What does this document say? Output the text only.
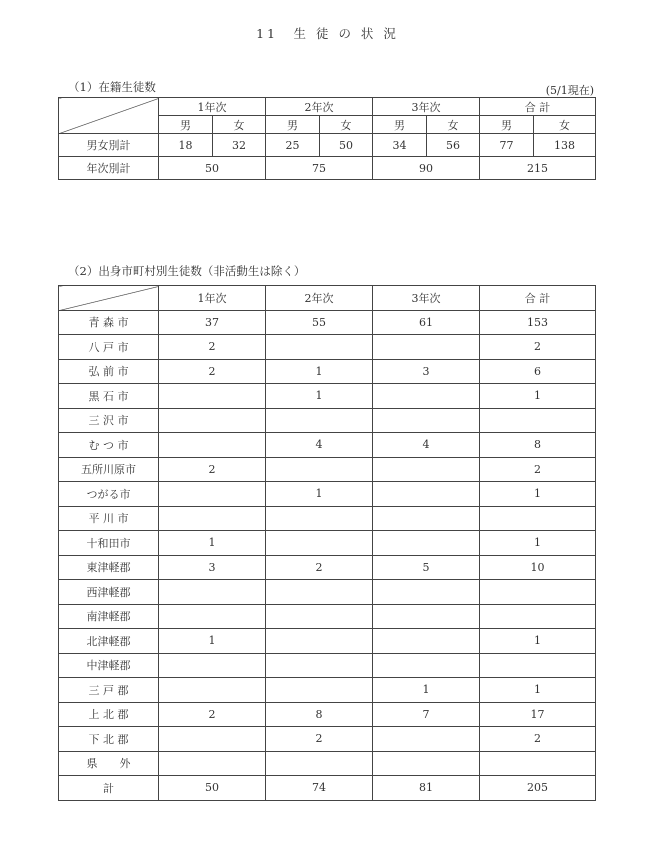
11　生 徒 の 状 況
（1）在籍生徒数	(5/1現在)
	1年次		2年次		3年次		合 計	
	男	女	男	女	男	女	男	女
男女別計	18	32	25	50	34	56	77	138
年次別計	50		75		90		215	
（2）出身市町村別生徒数（非活動生は除く）
	1年次	2年次	3年次	合 計
青 森 市	37	55	61	153
八 戸 市	2			2
弘 前 市	2	1	3	6
黒 石 市		1		1
三 沢 市				
む つ 市		4	4	8
五所川原市	2			2
つがる市		1		1
平 川 市				
十和田市	1			1
東津軽郡	3	2	5	10
西津軽郡				
南津軽郡				
北津軽郡	1			1
中津軽郡				
三 戸 郡			1	1
上 北 郡	2	8	7	17
下 北 郡		2		2
県　　外				
計	50	74	81	205
